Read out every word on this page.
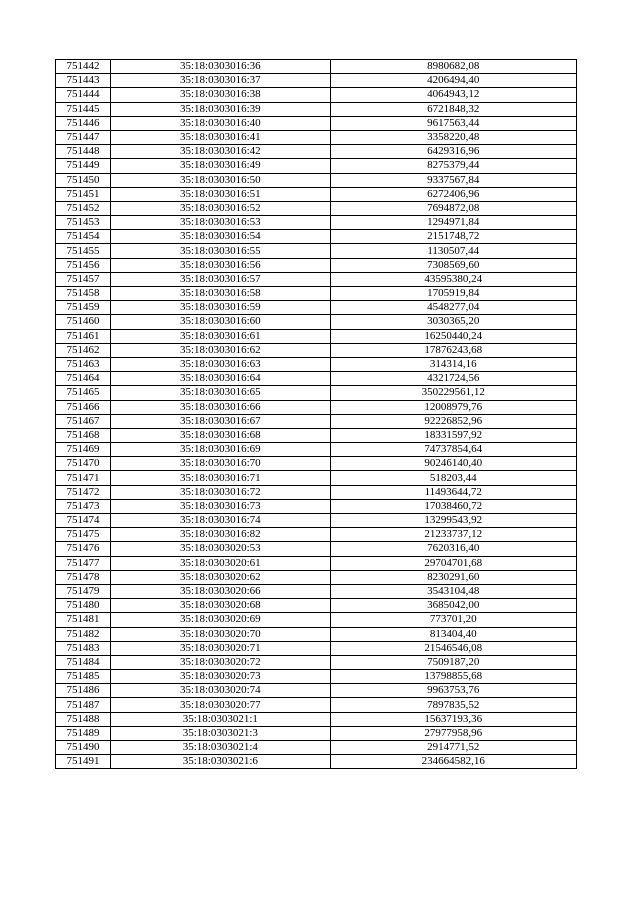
751442	35:18:0303016:36	8980682,08
751443	35:18:0303016:37	4206494,40
751444	35:18:0303016:38	4064943,12
751445	35:18:0303016:39	6721848,32
751446	35:18:0303016:40	9617563,44
751447	35:18:0303016:41	3358220,48
751448	35:18:0303016:42	6429316,96
751449	35:18:0303016:49	8275379,44
751450	35:18:0303016:50	9337567,84
751451	35:18:0303016:51	6272406,96
751452	35:18:0303016:52	7694872,08
751453	35:18:0303016:53	1294971,84
751454	35:18:0303016:54	2151748,72
751455	35:18:0303016:55	1130507,44
751456	35:18:0303016:56	7308569,60
751457	35:18:0303016:57	43595380,24
751458	35:18:0303016:58	1705919,84
751459	35:18:0303016:59	4548277,04
751460	35:18:0303016:60	3030365,20
751461	35:18:0303016:61	16250440,24
751462	35:18:0303016:62	17876243,68
751463	35:18:0303016:63	314314,16
751464	35:18:0303016:64	4321724,56
751465	35:18:0303016:65	350229561,12
751466	35:18:0303016:66	12008979,76
751467	35:18:0303016:67	92226852,96
751468	35:18:0303016:68	18331597,92
751469	35:18:0303016:69	74737854,64
751470	35:18:0303016:70	90246140,40
751471	35:18:0303016:71	518203,44
751472	35:18:0303016:72	11493644,72
751473	35:18:0303016:73	17038460,72
751474	35:18:0303016:74	13299543,92
751475	35:18:0303016:82	21233737,12
751476	35:18:0303020:53	7620316,40
751477	35:18:0303020:61	29704701,68
751478	35:18:0303020:62	8230291,60
751479	35:18:0303020:66	3543104,48
751480	35:18:0303020:68	3685042,00
751481	35:18:0303020:69	773701,20
751482	35:18:0303020:70	813404,40
751483	35:18:0303020:71	21546546,08
751484	35:18:0303020:72	7509187,20
751485	35:18:0303020:73	13798855,68
751486	35:18:0303020:74	9963753,76
751487	35:18:0303020:77	7897835,52
751488	35:18:0303021:1	15637193,36
751489	35:18:0303021:3	27977958,96
751490	35:18:0303021:4	2914771,52
751491	35:18:0303021:6	234664582,16
